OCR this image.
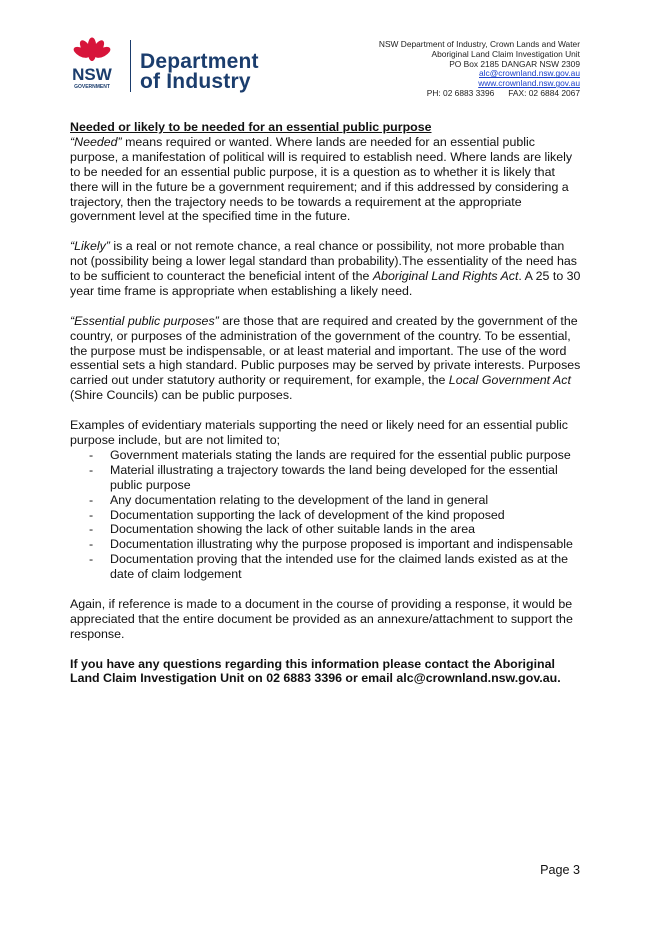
NSW
GOVERNMENT
Department
of Industry
NSW Department of Industry, Crown Lands and Water
Aboriginal Land Claim Investigation Unit
PO Box 2185 DANGAR NSW 2309
alc@crownland.nsw.gov.au
www.crownland.nsw.gov.au
PH: 02 6883 3396 FAX: 02 6884 2067

Needed or likely to be needed for an essential public purpose

“Needed” means required or wanted. Where lands are needed for an essential public purpose, a manifestation of political will is required to establish need. Where lands are likely to be needed for an essential public purpose, it is a question as to whether it is likely that there will in the future be a government requirement; and if this addressed by considering a trajectory, then the trajectory needs to be towards a requirement at the appropriate government level at the specified time in the future.

“Likely” is a real or not remote chance, a real chance or possibility, not more probable than not (possibility being a lower legal standard than probability).The essentiality of the need has to be sufficient to counteract the beneficial intent of the Aboriginal Land Rights Act. A 25 to 30 year time frame is appropriate when establishing a likely need.

“Essential public purposes” are those that are required and created by the government of the country, or purposes of the administration of the government of the country. To be essential, the purpose must be indispensable, or at least material and important. The use of the word essential sets a high standard. Public purposes may be served by private interests. Purposes carried out under statutory authority or requirement, for example, the Local Government Act (Shire Councils) can be public purposes.

Examples of evidentiary materials supporting the need or likely need for an essential public purpose include, but are not limited to;

- Government materials stating the lands are required for the essential public purpose
- Material illustrating a trajectory towards the land being developed for the essential public purpose
- Any documentation relating to the development of the land in general
- Documentation supporting the lack of development of the kind proposed
- Documentation showing the lack of other suitable lands in the area
- Documentation illustrating why the purpose proposed is important and indispensable
- Documentation proving that the intended use for the claimed lands existed as at the date of claim lodgement

Again, if reference is made to a document in the course of providing a response, it would be appreciated that the entire document be provided as an annexure/attachment to support the response.

If you have any questions regarding this information please contact the Aboriginal Land Claim Investigation Unit on 02 6883 3396 or email alc@crownland.nsw.gov.au.

Page 3
